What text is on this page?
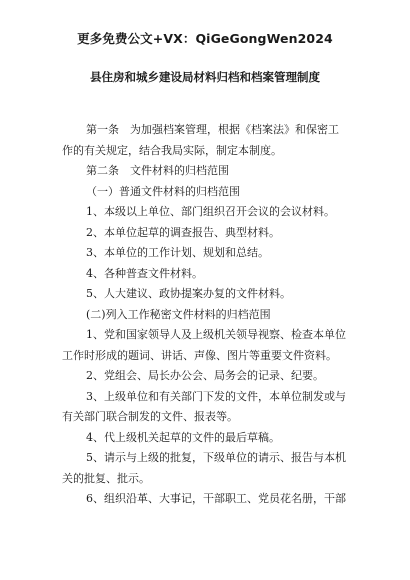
更多免费公文+VX：QiGeGongWen2024
县住房和城乡建设局材料归档和档案管理制度
第一条　为加强档案管理，根据《档案法》和保密工
作的有关规定，结合我局实际，制定本制度。
第二条　文件材料的归档范围
（一）普通文件材料的归档范围
1、本级以上单位、部门组织召开会议的会议材料。
2、本单位起草的调查报告、典型材料。
3、本单位的工作计划、规划和总结。
4、各种普查文件材料。
5、人大建议、政协提案办复的文件材料。
(二)列入工作秘密文件材料的归档范围
1、党和国家领导人及上级机关领导视察、检查本单位
工作时形成的题词、讲话、声像、图片等重要文件资料。
2、党组会、局长办公会、局务会的记录、纪要。
3、上级单位和有关部门下发的文件，本单位制发或与
有关部门联合制发的文件、报表等。
4、代上级机关起草的文件的最后草稿。
5、请示与上级的批复，下级单位的请示、报告与本机
关的批复、批示。
6、组织沿革、大事记，干部职工、党员花名册，干部
